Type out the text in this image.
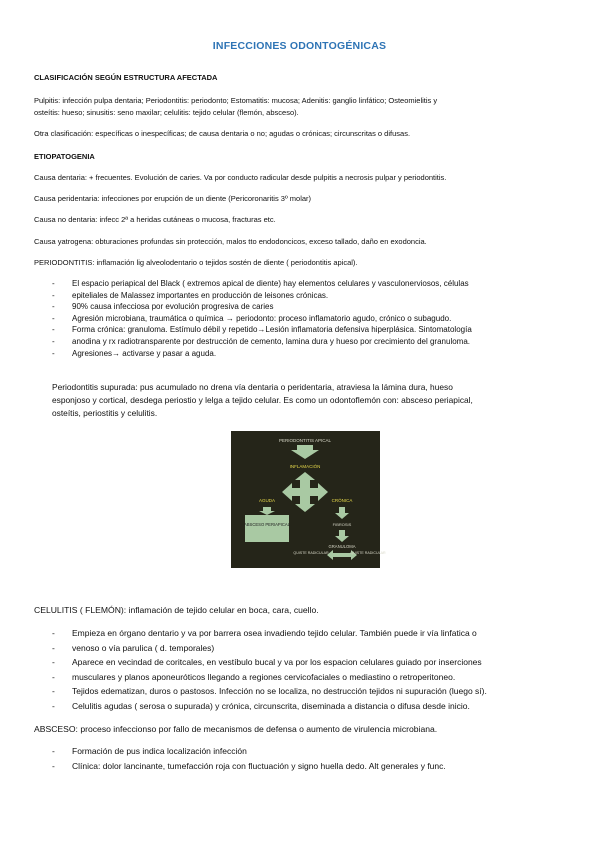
INFECCIONES ODONTOGÉNICAS
CLASIFICACIÓN SEGÚN ESTRUCTURA AFECTADA
Pulpitis: infección pulpa dentaria; Periodontitis: periodonto; Estomatitis: mucosa; Adenitis: ganglio linfático; Osteomielitis y
osteítis: hueso; sinusitis: seno maxilar; celulitis: tejido celular (flemón, absceso).
Otra clasificación: específicas o inespecíficas; de causa dentaria o no; agudas o crónicas; circunscritas o difusas.
ETIOPATOGENIA
Causa dentaria: + frecuentes. Evolución de caries. Va por conducto radicular desde pulpitis a necrosis pulpar y periodontitis.
Causa peridentaria: infecciones por erupción de un diente (Pericoronaritis 3º molar)
Causa no dentaria: infecc 2ª a heridas cutáneas o mucosa, fracturas etc.
Causa yatrogena: obturaciones profundas sin protección, malos tto endodoncicos, exceso tallado, daño en exodoncia.
PERIODONTITIS: inflamación lig alveolodentario o tejidos sostén de diente ( periodontitis apical).
- El espacio periapical del Black ( extremos apical de diente) hay elementos celulares y vasculonerviosos, células
- epiteliales de Malassez importantes en producción de leisones crónicas.
- 90% causa infecciosa por evolución progresiva de caries
- Agresión microbiana, traumática o química → periodonto: proceso inflamatorio agudo, crónico o subagudo.
- Forma crónica: granuloma. Estímulo débil y repetido→Lesión inflamatoria defensiva hiperplásica. Sintomatología
- anodina y rx radiotransparente por destrucción de cemento, lamina dura y hueso por crecimiento del granuloma.
- Agresiones→ activarse y pasar a aguda.
Periodontitis supurada: pus acumulado no drena vía dentaria o peridentaria, atraviesa la lámina dura, hueso
esponjoso y cortical, desdega periostio y lelga a tejido celular. Es como un odontoflemón con: absceso periapical,
osteítis, periostitis y celulitis.
PERIODONTITIS APICAL
INFLAMACIÓN
AGUDA	CRÓNICA
ABSCESO PERIAPICAL	FIBROSIS
GRANULOMA
QUISTE RADICULAR	QUISTE RADICULAR
CELULITIS ( FLEMÓN): inflamación de tejido celular en boca, cara, cuello.
- Empieza en órgano dentario y va por barrera osea invadiendo tejido celular. También puede ir vía linfatica o
- venoso o vía parulica ( d. temporales)
- Aparece en vecindad de coritcales, en vestíbulo bucal y va por los espacion celulares guiado por inserciones
- musculares y planos aponeuróticos llegando a regiones cervicofaciales o mediastino o retroperitoneo.
- Tejidos edematizan, duros o pastosos. Infección no se localiza, no destrucción tejidos ni supuración (luego sí).
- Celulitis agudas ( serosa o supurada) y crónica, circunscrita, diseminada a distancia o difusa desde inicio.
ABSCESO: proceso infeccionso por fallo de mecanismos de defensa o aumento de virulencia microbiana.
- Formación de pus indica localización infección
- Clínica: dolor lancinante, tumefacción roja con fluctuación y signo huella dedo. Alt generales y func.
